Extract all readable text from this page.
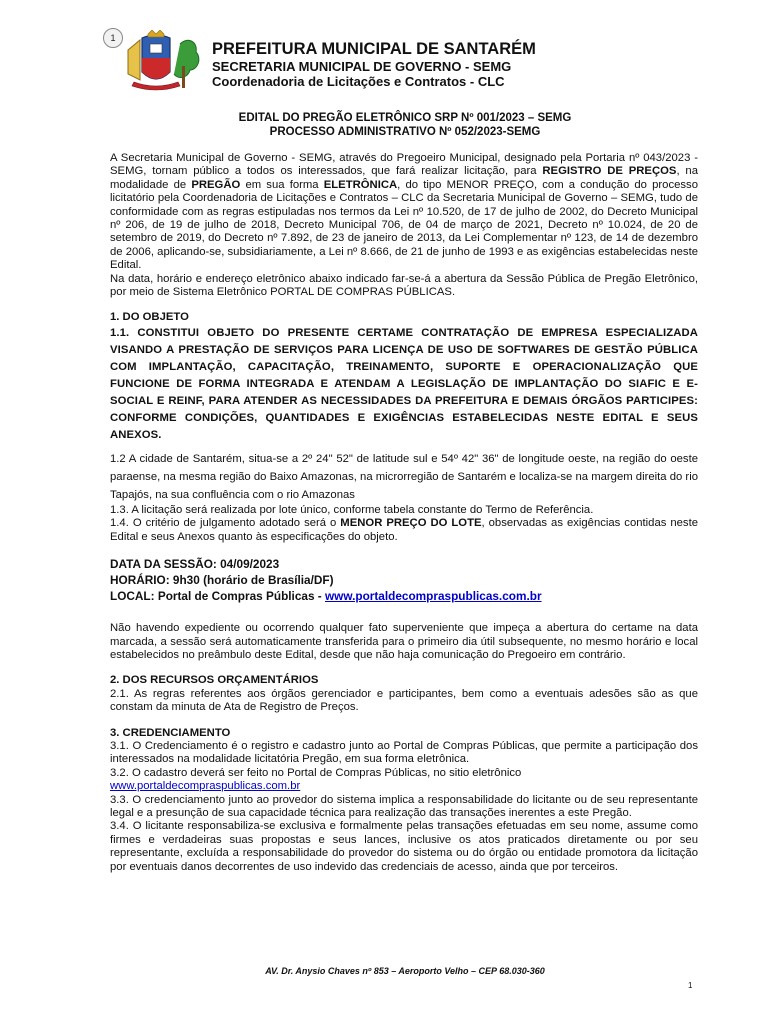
1
PREFEITURA MUNICIPAL DE SANTARÉM
SECRETARIA MUNICIPAL DE GOVERNO - SEMG
Coordenadoria de Licitações e Contratos - CLC
EDITAL DO PREGÃO ELETRÔNICO SRP Nº 001/2023 – SEMG
PROCESSO ADMINISTRATIVO Nº 052/2023-SEMG

A Secretaria Municipal de Governo - SEMG, através do Pregoeiro Municipal, designado pela Portaria nº 043/2023 - SEMG, tornam público a todos os interessados, que fará realizar licitação, para REGISTRO DE PREÇOS, na modalidade de PREGÃO em sua forma ELETRÔNICA, do tipo MENOR PREÇO, com a condução do processo licitatório pela Coordenadoria de Licitações e Contratos – CLC da Secretaria Municipal de Governo – SEMG, tudo de conformidade com as regras estipuladas nos termos da Lei nº 10.520, de 17 de julho de 2002, do Decreto Municipal nº 206, de 19 de julho de 2018, Decreto Municipal 706, de 04 de março de 2021, Decreto nº 10.024, de 20 de setembro de 2019, do Decreto nº 7.892, de 23 de janeiro de 2013, da Lei Complementar nº 123, de 14 de dezembro de 2006, aplicando-se, subsidiariamente, a Lei nº 8.666, de 21 de junho de 1993 e as exigências estabelecidas neste Edital.

Na data, horário e endereço eletrônico abaixo indicado far-se-á a abertura da Sessão Pública de Pregão Eletrônico, por meio de Sistema Eletrônico PORTAL DE COMPRAS PÚBLICAS.

1. DO OBJETO

1.1. CONSTITUI OBJETO DO PRESENTE CERTAME CONTRATAÇÃO DE EMPRESA ESPECIALIZADA VISANDO A PRESTAÇÃO DE SERVIÇOS PARA LICENÇA DE USO DE SOFTWARES DE GESTÃO PÚBLICA COM IMPLANTAÇÃO, CAPACITAÇÃO, TREINAMENTO, SUPORTE E OPERACIONALIZAÇÃO QUE FUNCIONE DE FORMA INTEGRADA E ATENDAM A LEGISLAÇÃO DE IMPLANTAÇÃO DO SIAFIC E E-SOCIAL E REINF, PARA ATENDER AS NECESSIDADES DA PREFEITURA E DEMAIS ÓRGÃOS PARTICIPES: CONFORME CONDIÇÕES, QUANTIDADES E EXIGÊNCIAS ESTABELECIDAS NESTE EDITAL E SEUS ANEXOS.

1.2 A cidade de Santarém, situa-se a 2º 24" 52" de latitude sul e 54º 42" 36" de longitude oeste, na região do oeste paraense, na mesma região do Baixo Amazonas, na microrregião de Santarém e localiza-se na margem direita do rio Tapajós, na sua confluência com o rio Amazonas

1.3. A licitação será realizada por lote único, conforme tabela constante do Termo de Referência.

1.4. O critério de julgamento adotado será o MENOR PREÇO DO LOTE, observadas as exigências contidas neste Edital e seus Anexos quanto às especificações do objeto.

DATA DA SESSÃO: 04/09/2023
HORÁRIO: 9h30 (horário de Brasília/DF)
LOCAL: Portal de Compras Públicas - www.portaldecompraspublicas.com.br

Não havendo expediente ou ocorrendo qualquer fato superveniente que impeça a abertura do certame na data marcada, a sessão será automaticamente transferida para o primeiro dia útil subsequente, no mesmo horário e local estabelecidos no preâmbulo deste Edital, desde que não haja comunicação do Pregoeiro em contrário.

2. DOS RECURSOS ORÇAMENTÁRIOS

2.1. As regras referentes aos órgãos gerenciador e participantes, bem como a eventuais adesões são as que constam da minuta de Ata de Registro de Preços.

3. CREDENCIAMENTO

3.1. O Credenciamento é o registro e cadastro junto ao Portal de Compras Públicas, que permite a participação dos interessados na modalidade licitatória Pregão, em sua forma eletrônica.

3.2. O cadastro deverá ser feito no Portal de Compras Públicas, no sitio eletrônico

www.portaldecompraspublicas.com.br

3.3. O credenciamento junto ao provedor do sistema implica a responsabilidade do licitante ou de seu representante legal e a presunção de sua capacidade técnica para realização das transações inerentes a este Pregão.

3.4. O licitante responsabiliza-se exclusiva e formalmente pelas transações efetuadas em seu nome, assume como firmes e verdadeiras suas propostas e seus lances, inclusive os atos praticados diretamente ou por seu representante, excluída a responsabilidade do provedor do sistema ou do órgão ou entidade promotora da licitação por eventuais danos decorrentes de uso indevido das credenciais de acesso, ainda que por terceiros.

AV. Dr. Anysio Chaves nº 853 – Aeroporto Velho – CEP 68.030-360
1
